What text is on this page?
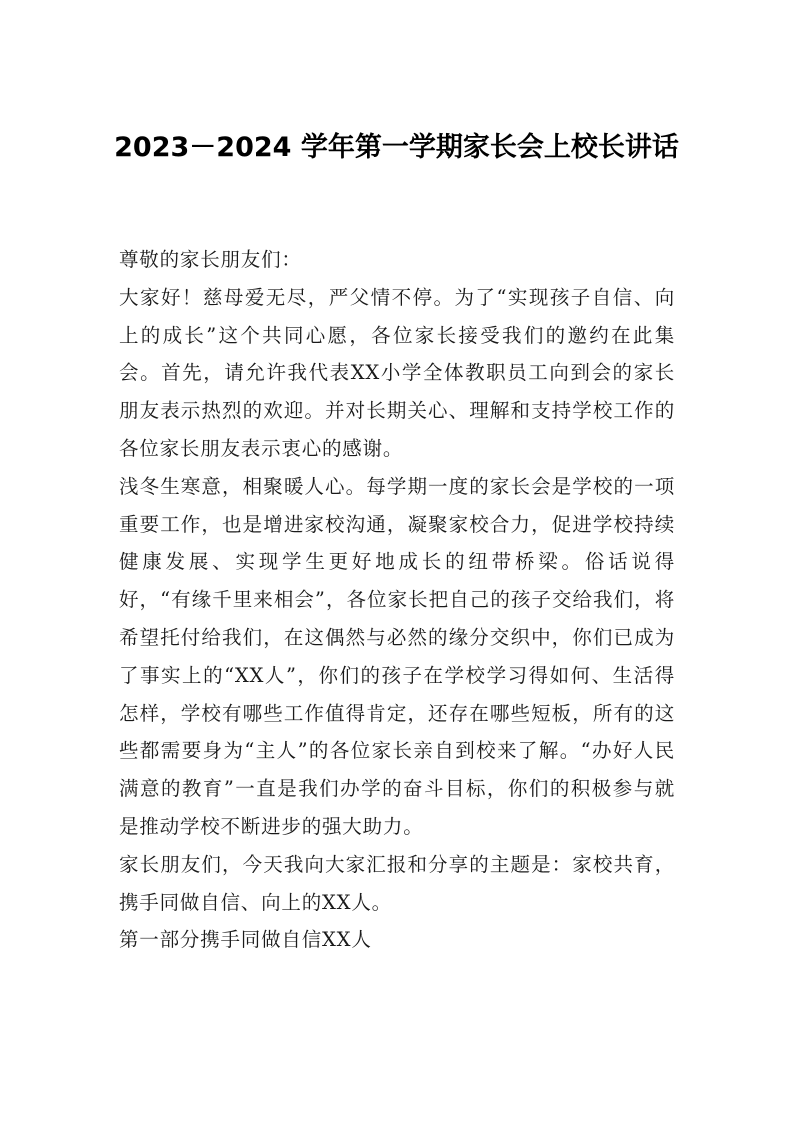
2023－2024 学年第一学期家长会上校长讲话

尊敬的家长朋友们：

大家好！慈母爱无尽，严父情不停。为了“实现孩子自信、向上的成长”这个共同心愿，各位家长接受我们的邀约在此集会。首先，请允许我代表XX小学全体教职员工向到会的家长朋友表示热烈的欢迎。并对长期关心、理解和支持学校工作的各位家长朋友表示衷心的感谢。

浅冬生寒意，相聚暖人心。每学期一度的家长会是学校的一项重要工作，也是增进家校沟通，凝聚家校合力，促进学校持续健康发展、实现学生更好地成长的纽带桥梁。俗话说得好，“有缘千里来相会”，各位家长把自己的孩子交给我们，将希望托付给我们，在这偶然与必然的缘分交织中，你们已成为了事实上的“XX人”，你们的孩子在学校学习得如何、生活得怎样，学校有哪些工作值得肯定，还存在哪些短板，所有的这些都需要身为“主人”的各位家长亲自到校来了解。“办好人民满意的教育”一直是我们办学的奋斗目标，你们的积极参与就是推动学校不断进步的强大助力。

家长朋友们，今天我向大家汇报和分享的主题是：家校共育，携手同做自信、向上的XX人。

第一部分携手同做自信XX人
